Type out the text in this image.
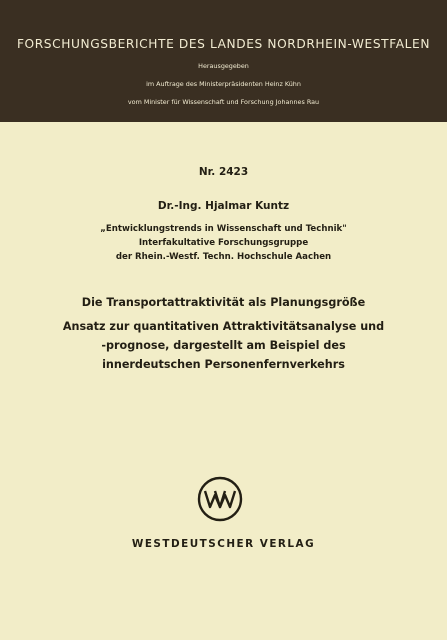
FORSCHUNGSBERICHTE DES LANDES NORDRHEIN-WESTFALEN
Herausgegeben
im Auftrage des Ministerpräsidenten Heinz Kühn
vom Minister für Wissenschaft und Forschung Johannes Rau
Nr. 2423
Dr.-Ing. Hjalmar Kuntz
„Entwicklungstrends in Wissenschaft und Technik"
Interfakultative Forschungsgruppe
der Rhein.-Westf. Techn. Hochschule Aachen
Die Transportattraktivität als Planungsgröße
Ansatz zur quantitativen Attraktivitätsanalyse und
-prognose, dargestellt am Beispiel des
innerdeutschen Personenfernverkehrs
WESTDEUTSCHER VERLAG
